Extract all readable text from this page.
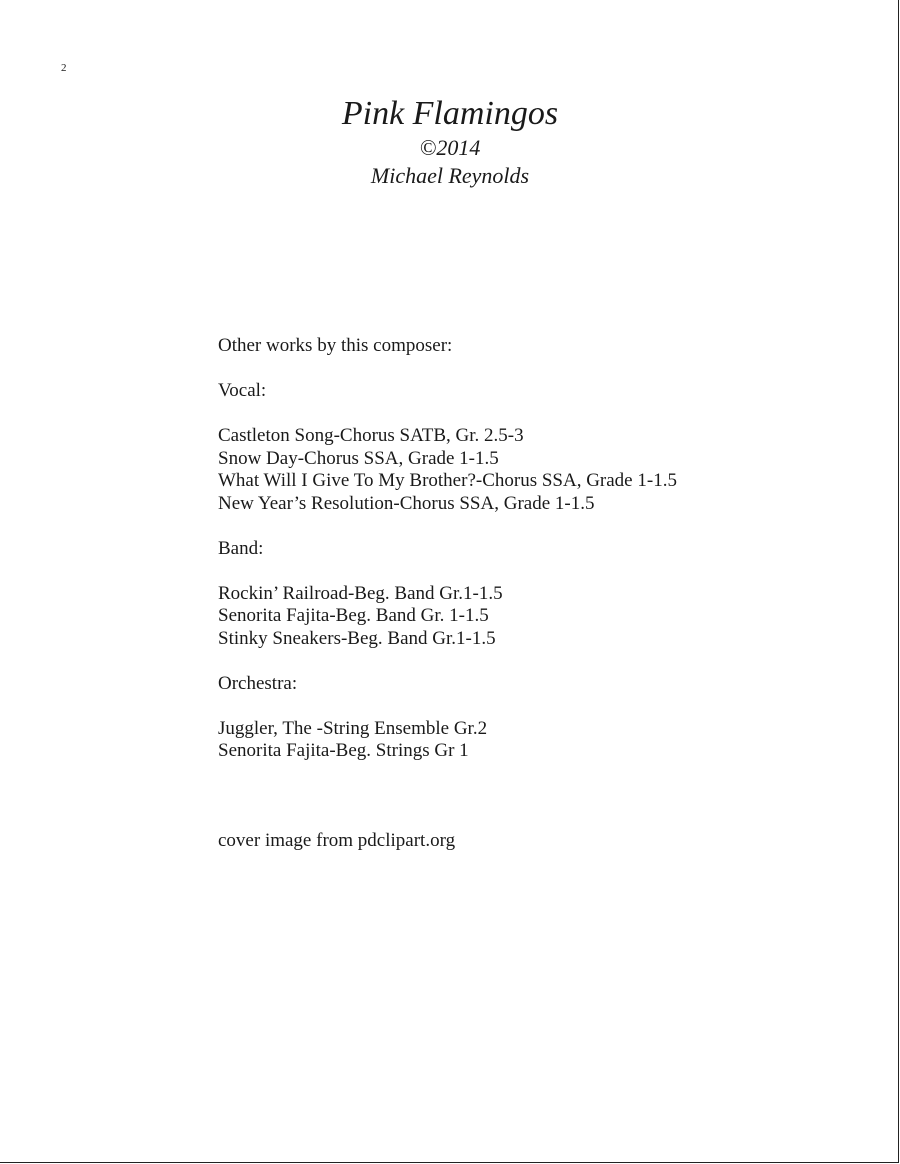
2
Pink Flamingos
©2014
Michael Reynolds
Other works by this composer:
Vocal:
Castleton Song-Chorus SATB, Gr. 2.5-3
Snow Day-Chorus SSA, Grade 1-1.5
What Will I Give To My Brother?-Chorus SSA, Grade 1-1.5
New Year’s Resolution-Chorus SSA, Grade 1-1.5
Band:
Rockin’ Railroad-Beg. Band Gr.1-1.5
Senorita Fajita-Beg. Band Gr. 1-1.5
Stinky Sneakers-Beg. Band Gr.1-1.5
Orchestra:
Juggler, The -String Ensemble Gr.2
Senorita Fajita-Beg. Strings Gr 1
cover image from pdclipart.org
